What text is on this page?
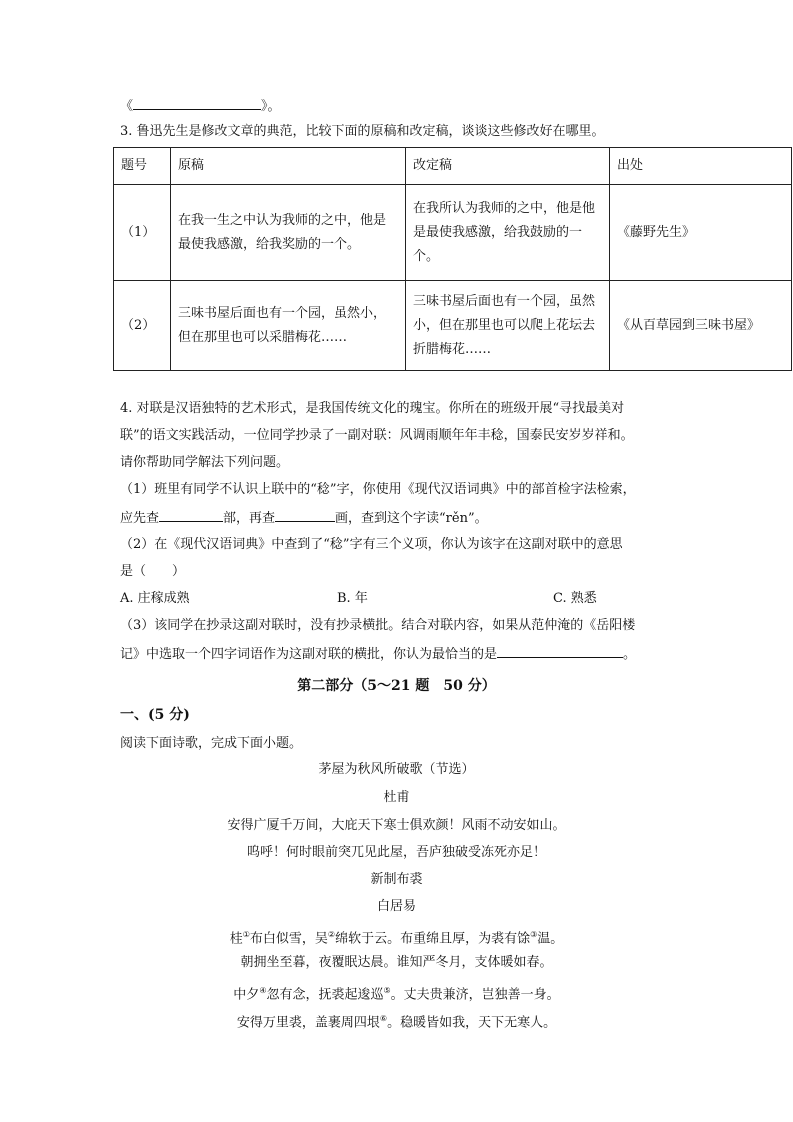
《	》。
3. 鲁迅先生是修改文章的典范，比较下面的原稿和改定稿，谈谈这些修改好在哪里。
题号	原稿	改定稿	出处
（1）	在我一生之中认为我师的之中，他是最使我感激，给我奖励的一个。	在我所认为我师的之中，他是他是最使我感激，给我鼓励的一个。	《藤野先生》
（2）	三味书屋后面也有一个园，虽然小，但在那里也可以采腊梅花……	三味书屋后面也有一个园，虽然小，但在那里也可以爬上花坛去折腊梅花……	《从百草园到三味书屋》
4. 对联是汉语独特的艺术形式，是我国传统文化的瑰宝。你所在的班级开展“寻找最美对
联”的语文实践活动，一位同学抄录了一副对联：风调雨顺年年丰稔，国泰民安岁岁祥和。
请你帮助同学解法下列问题。
（1）班里有同学不认识上联中的“稔”字，你使用《现代汉语词典》中的部首检字法检索，
应先查	部，再查	画，查到这个字读“rěn”。
（2）在《现代汉语词典》中查到了“稔”字有三个义项，你认为该字在这副对联中的意思
是（　　）
A. 庄稼成熟	B. 年	C. 熟悉
（3）该同学在抄录这副对联时，没有抄录横批。结合对联内容，如果从范仲淹的《岳阳楼
记》中选取一个四字词语作为这副对联的横批，你认为最恰当的是	。
第二部分（5～21 题　50 分）
一、(5 分)
阅读下面诗歌，完成下面小题。
茅屋为秋风所破歌（节选）
杜甫
安得广厦千万间，大庇天下寒士俱欢颜！风雨不动安如山。
呜呼！何时眼前突兀见此屋，吾庐独破受冻死亦足！
新制布裘
白居易
桂①布白似雪，吴②绵软于云。布重绵且厚，为裘有馀③温。
朝拥坐至暮，夜覆眠达晨。谁知严冬月，支体暖如春。
中夕④忽有念，抚裘起逡巡⑤。丈夫贵兼济，岂独善一身。
安得万里裘，盖裹周四垠⑥。稳暖皆如我，天下无寒人。
